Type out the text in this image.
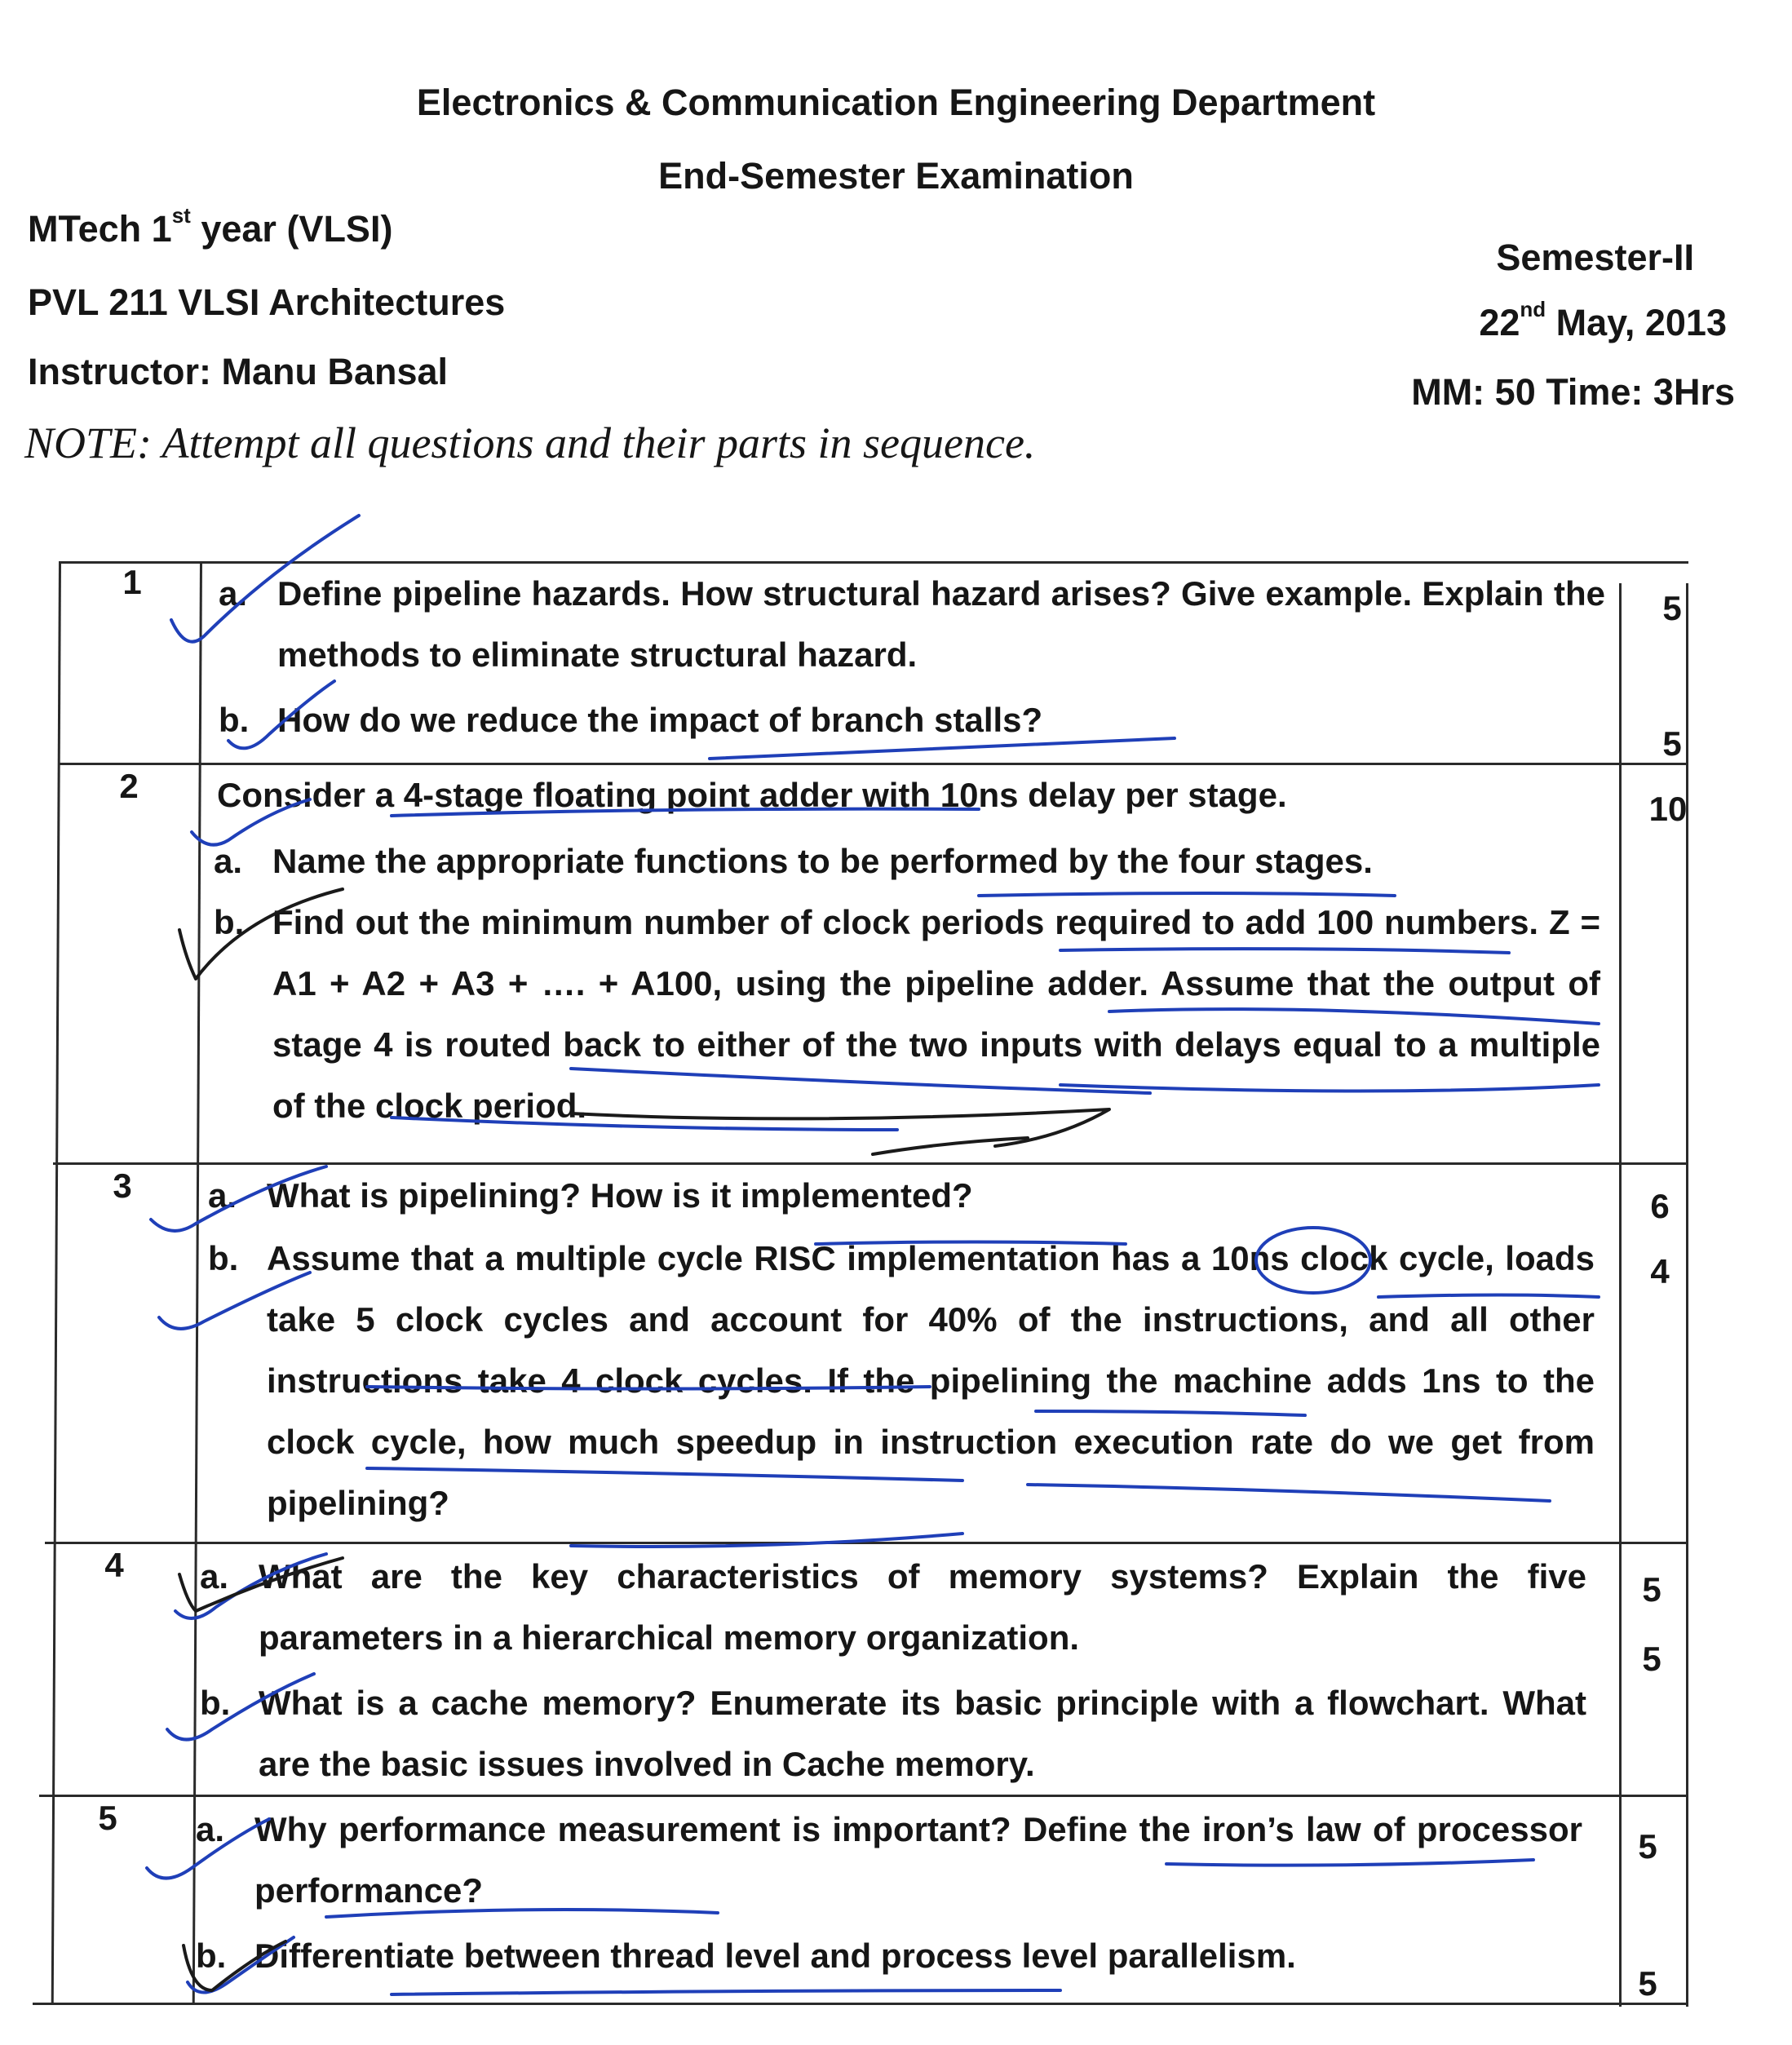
Electronics & Communication Engineering Department
End-Semester Examination
MTech 1st year (VLSI)
PVL 211 VLSI Architectures
Instructor: Manu Bansal
Semester-II
22nd May, 2013
MM: 50 Time: 3Hrs
NOTE: Attempt all questions and their parts in sequence.
1
2
3
4
5
a. Define pipeline hazards. How structural hazard arises? Give example. Explain the methods to eliminate structural hazard.
b. How do we reduce the impact of branch stalls?
5
5
Consider a 4-stage floating point adder with 10ns delay per stage.
a. Name the appropriate functions to be performed by the four stages.
b. Find out the minimum number of clock periods required to add 100 numbers. Z = A1 + A2 + A3 + …. + A100, using the pipeline adder. Assume that the output of stage 4 is routed back to either of the two inputs with delays equal to a multiple of the clock period.
10
a. What is pipelining? How is it implemented?
b. Assume that a multiple cycle RISC implementation has a 10ns clock cycle, loads take 5 clock cycles and account for 40% of the instructions, and all other instructions take 4 clock cycles. If the pipelining the machine adds 1ns to the clock cycle, how much speedup in instruction execution rate do we get from pipelining?
6
4
a. What are the key characteristics of memory systems? Explain the five parameters in a hierarchical memory organization.
b. What is a cache memory? Enumerate its basic principle with a flowchart. What are the basic issues involved in Cache memory.
5
5
a. Why performance measurement is important? Define the iron’s law of processor performance?
b. Differentiate between thread level and process level parallelism.
5
5
